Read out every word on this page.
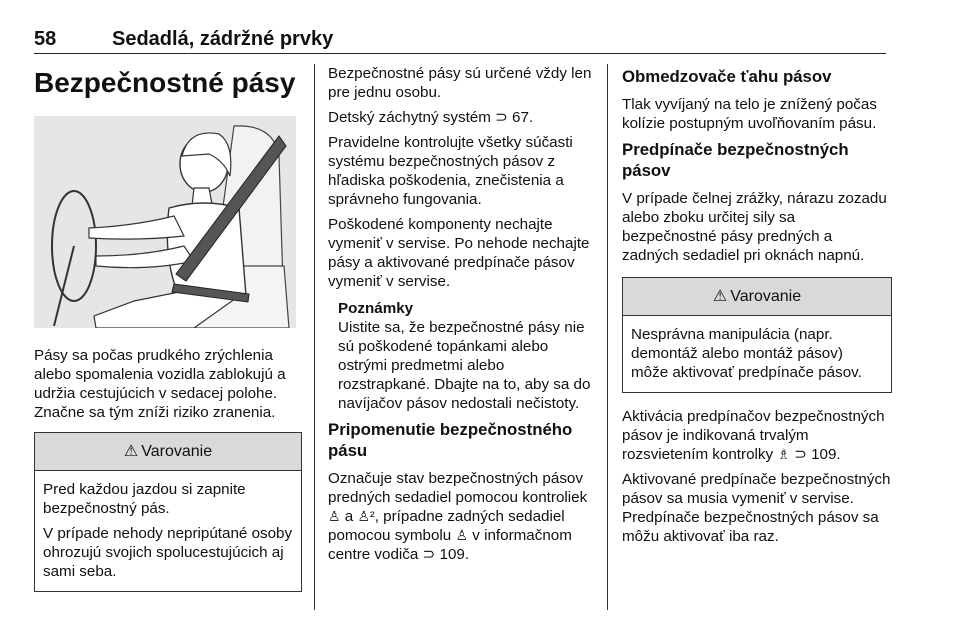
58	Sedadlá, zádržné prvky
Bezpečnostné pásy

Pásy sa počas prudkého zrýchlenia alebo spomalenia vozidla zablokujú a udržia cestujúcich v sedacej polohe. Značne sa tým zníži riziko zranenia.

⚠ Varovanie

Pred každou jazdou si zapnite bezpečnostný pás.

V prípade nehody nepripútané osoby ohrozujú svojich spolucestujúcich aj sami seba.

Bezpečnostné pásy sú určené vždy len pre jednu osobu.

Detský záchytný systém ⊃ 67.

Pravidelne kontrolujte všetky súčasti systému bezpečnostných pásov z hľadiska poškodenia, znečistenia a správneho fungovania.

Poškodené komponenty nechajte vymeniť v servise. Po nehode nechajte pásy a aktivované predpínače pásov vymeniť v servise.

Poznámky
Uistite sa, že bezpečnostné pásy nie sú poškodené topánkami alebo ostrými predmetmi alebo rozstrapkané. Dbajte na to, aby sa do navíjačov pásov nedostali nečistoty.
Pripomenutie bezpečnostného pásu

Označuje stav bezpečnostných pásov predných sedadiel pomocou kontroliek ♙ a ♙², prípadne zadných sedadiel pomocou symbolu ♙ v informačnom centre vodiča ⊃ 109.

Obmedzovače ťahu pásov

Tlak vyvíjaný na telo je znížený počas kolízie postupným uvoľňovaním pásu.

Predpínače bezpečnostných pásov

V prípade čelnej zrážky, nárazu zozadu alebo zboku určitej sily sa bezpečnostné pásy predných a zadných sedadiel pri oknách napnú.

⚠ Varovanie

Nesprávna manipulácia (napr. demontáž alebo montáž pásov) môže aktivovať predpínače pásov.

Aktivácia predpínačov bezpečnostných pásov je indikovaná trvalým rozsvietením kontrolky ♗ ⊃ 109.

Aktivované predpínače bezpečnostných pásov sa musia vymeniť v servise. Predpínače bezpečnostných pásov sa môžu aktivovať iba raz.
